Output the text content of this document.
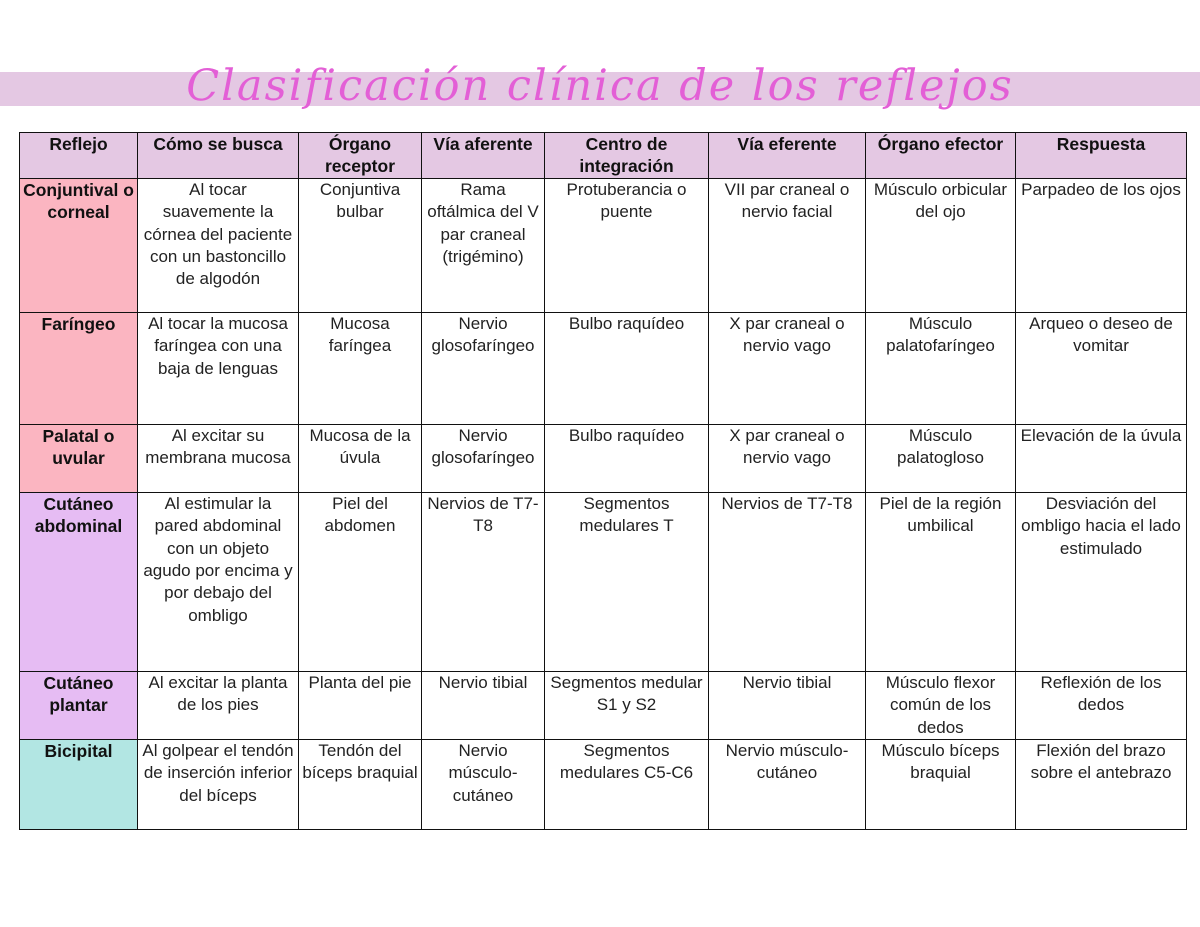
Clasificación clínica de los reflejos
Reflejo	Cómo se busca	Órgano receptor	Vía aferente	Centro de integración	Vía eferente	Órgano efector	Respuesta
Conjuntival o corneal	Al tocar suavemente la córnea del paciente con un bastoncillo de algodón	Conjuntiva bulbar	Rama oftálmica del V par craneal (trigémino)	Protuberancia o puente	VII par craneal o nervio facial	Músculo orbicular del ojo	Parpadeo de los ojos
Faríngeo	Al tocar la mucosa faríngea con una baja de lenguas	Mucosa faríngea	Nervio glosofaríngeo	Bulbo raquídeo	X par craneal o nervio vago	Músculo palatofaríngeo	Arqueo o deseo de vomitar
Palatal o uvular	Al excitar su membrana mucosa	Mucosa de la úvula	Nervio glosofaríngeo	Bulbo raquídeo	X par craneal o nervio vago	Músculo palatogloso	Elevación de la úvula
Cutáneo abdominal	Al estimular la pared abdominal con un objeto agudo por encima y por debajo del ombligo	Piel del abdomen	Nervios de T7-T8	Segmentos medulares T	Nervios de T7-T8	Piel de la región umbilical	Desviación del ombligo hacia el lado estimulado
Cutáneo plantar	Al excitar la planta de los pies	Planta del pie	Nervio tibial	Segmentos medular S1 y S2	Nervio tibial	Músculo flexor común de los dedos	Reflexión de los dedos
Bicipital	Al golpear el tendón de inserción inferior del bíceps	Tendón del bíceps braquial	Nervio músculo-cutáneo	Segmentos medulares C5-C6	Nervio músculo-cutáneo	Músculo bíceps braquial	Flexión del brazo sobre el antebrazo
